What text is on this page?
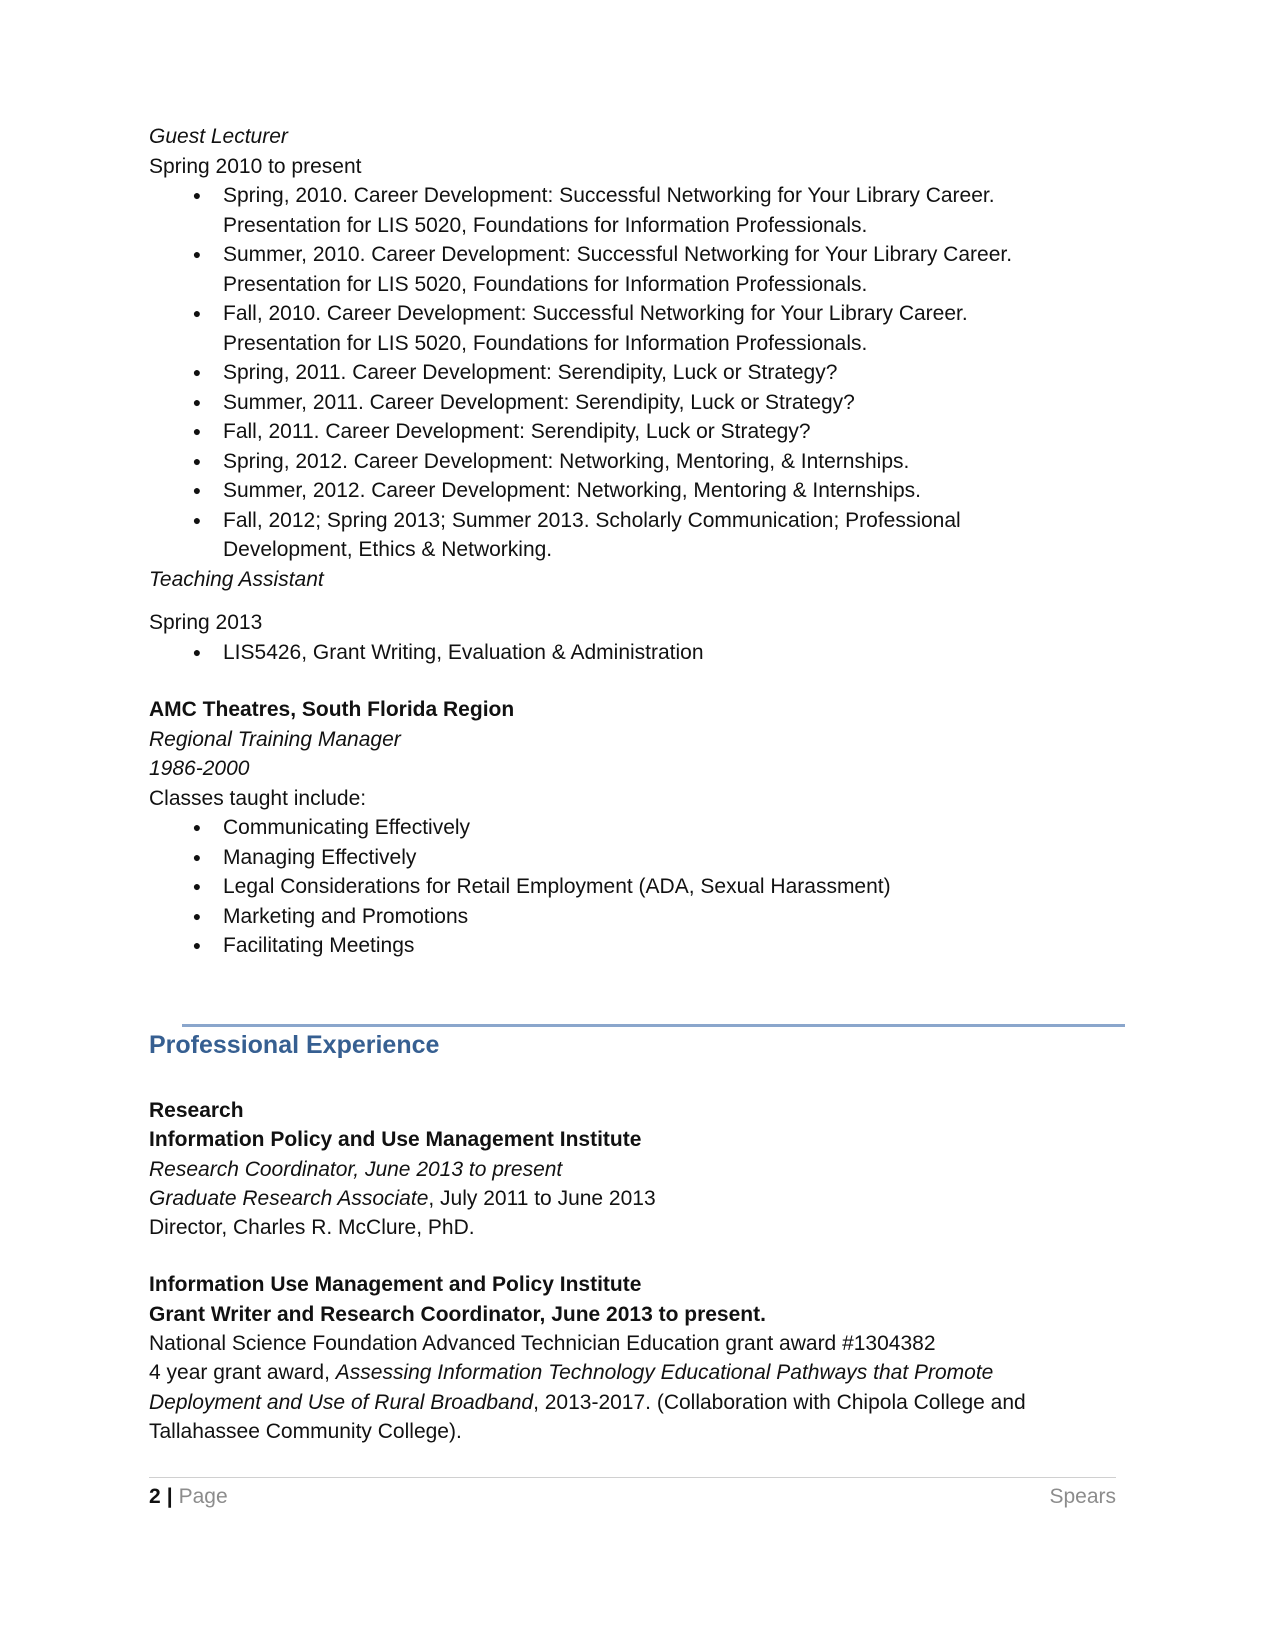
Guest Lecturer
Spring 2010 to present
● Spring, 2010. Career Development: Successful Networking for Your Library Career.
Presentation for LIS 5020, Foundations for Information Professionals.
● Summer, 2010. Career Development: Successful Networking for Your Library Career.
Presentation for LIS 5020, Foundations for Information Professionals.
● Fall, 2010. Career Development: Successful Networking for Your Library Career.
Presentation for LIS 5020, Foundations for Information Professionals.
● Spring, 2011. Career Development: Serendipity, Luck or Strategy?
● Summer, 2011. Career Development: Serendipity, Luck or Strategy?
● Fall, 2011. Career Development: Serendipity, Luck or Strategy?
● Spring, 2012. Career Development: Networking, Mentoring, & Internships.
● Summer, 2012. Career Development: Networking, Mentoring & Internships.
● Fall, 2012; Spring 2013; Summer 2013. Scholarly Communication; Professional
Development, Ethics & Networking.
Teaching Assistant
Spring 2013
● LIS5426, Grant Writing, Evaluation & Administration
AMC Theatres, South Florida Region
Regional Training Manager
1986-2000
Classes taught include:
● Communicating Effectively
● Managing Effectively
● Legal Considerations for Retail Employment (ADA, Sexual Harassment)
● Marketing and Promotions
● Facilitating Meetings
Professional Experience
Research
Information Policy and Use Management Institute
Research Coordinator, June 2013 to present
Graduate Research Associate, July 2011 to June 2013
Director, Charles R. McClure, PhD.
Information Use Management and Policy Institute
Grant Writer and Research Coordinator, June 2013 to present.
National Science Foundation Advanced Technician Education grant award #1304382
4 year grant award, Assessing Information Technology Educational Pathways that Promote
Deployment and Use of Rural Broadband, 2013-2017. (Collaboration with Chipola College and
Tallahassee Community College).
2 | Page	Spears
